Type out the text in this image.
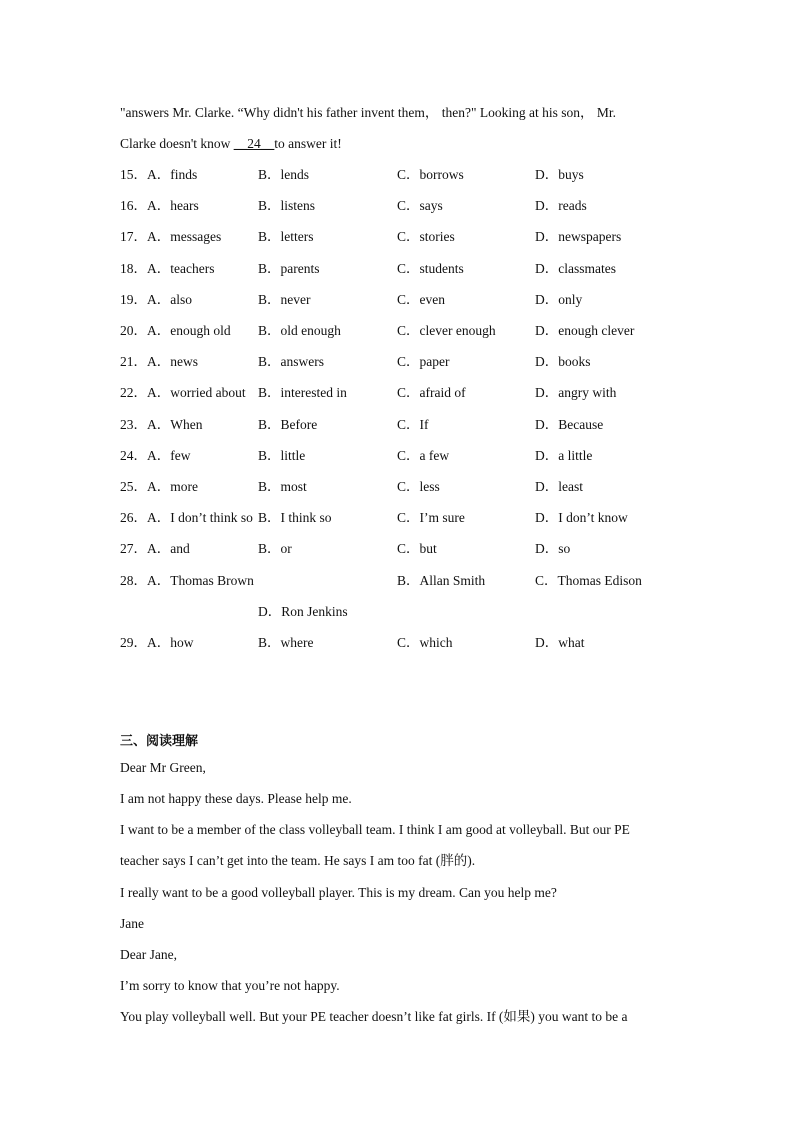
"answers Mr. Clarke. “Why didn't his father invent them， then?" Looking at his son， Mr.
Clarke doesn't know __24__to answer it!
15．A．finds	B．lends	C．borrows	D．buys
16．A．hears	B．listens	C．says	D．reads
17．A．messages	B．letters	C．stories	D．newspapers
18．A．teachers	B．parents	C．students	D．classmates
19．A．also	B．never	C．even	D．only
20．A．enough old B．old enough	C．clever enough	D．enough clever
21．A．news	B．answers	C．paper	D．books
22．A．worried about B．interested in	C．afraid of	D．angry with
23．A．When	B．Before	C．If	D．Because
24．A．few	B．little	C．a few	D．a little
25．A．more	B．most	C．less	D．least
26．A．I don’t think so B．I think so	C．I’m sure	D．I don’t know
27．A．and	B．or	C．but	D．so
28．A．Thomas Brown	B．Allan Smith	C．Thomas Edison
D．Ron Jenkins
29．A．how	B．where	C．which	D．what
三、阅读理解
Dear Mr Green,
I am not happy these days. Please help me.
I want to be a member of the class volleyball team. I think I am good at volleyball. But our PE
teacher says I can’t get into the team. He says I am too fat (胖的).
I really want to be a good volleyball player. This is my dream. Can you help me?
Jane
Dear Jane,
I’m sorry to know that you’re not happy.
You play volleyball well. But your PE teacher doesn’t like fat girls. If (如果) you want to be a
